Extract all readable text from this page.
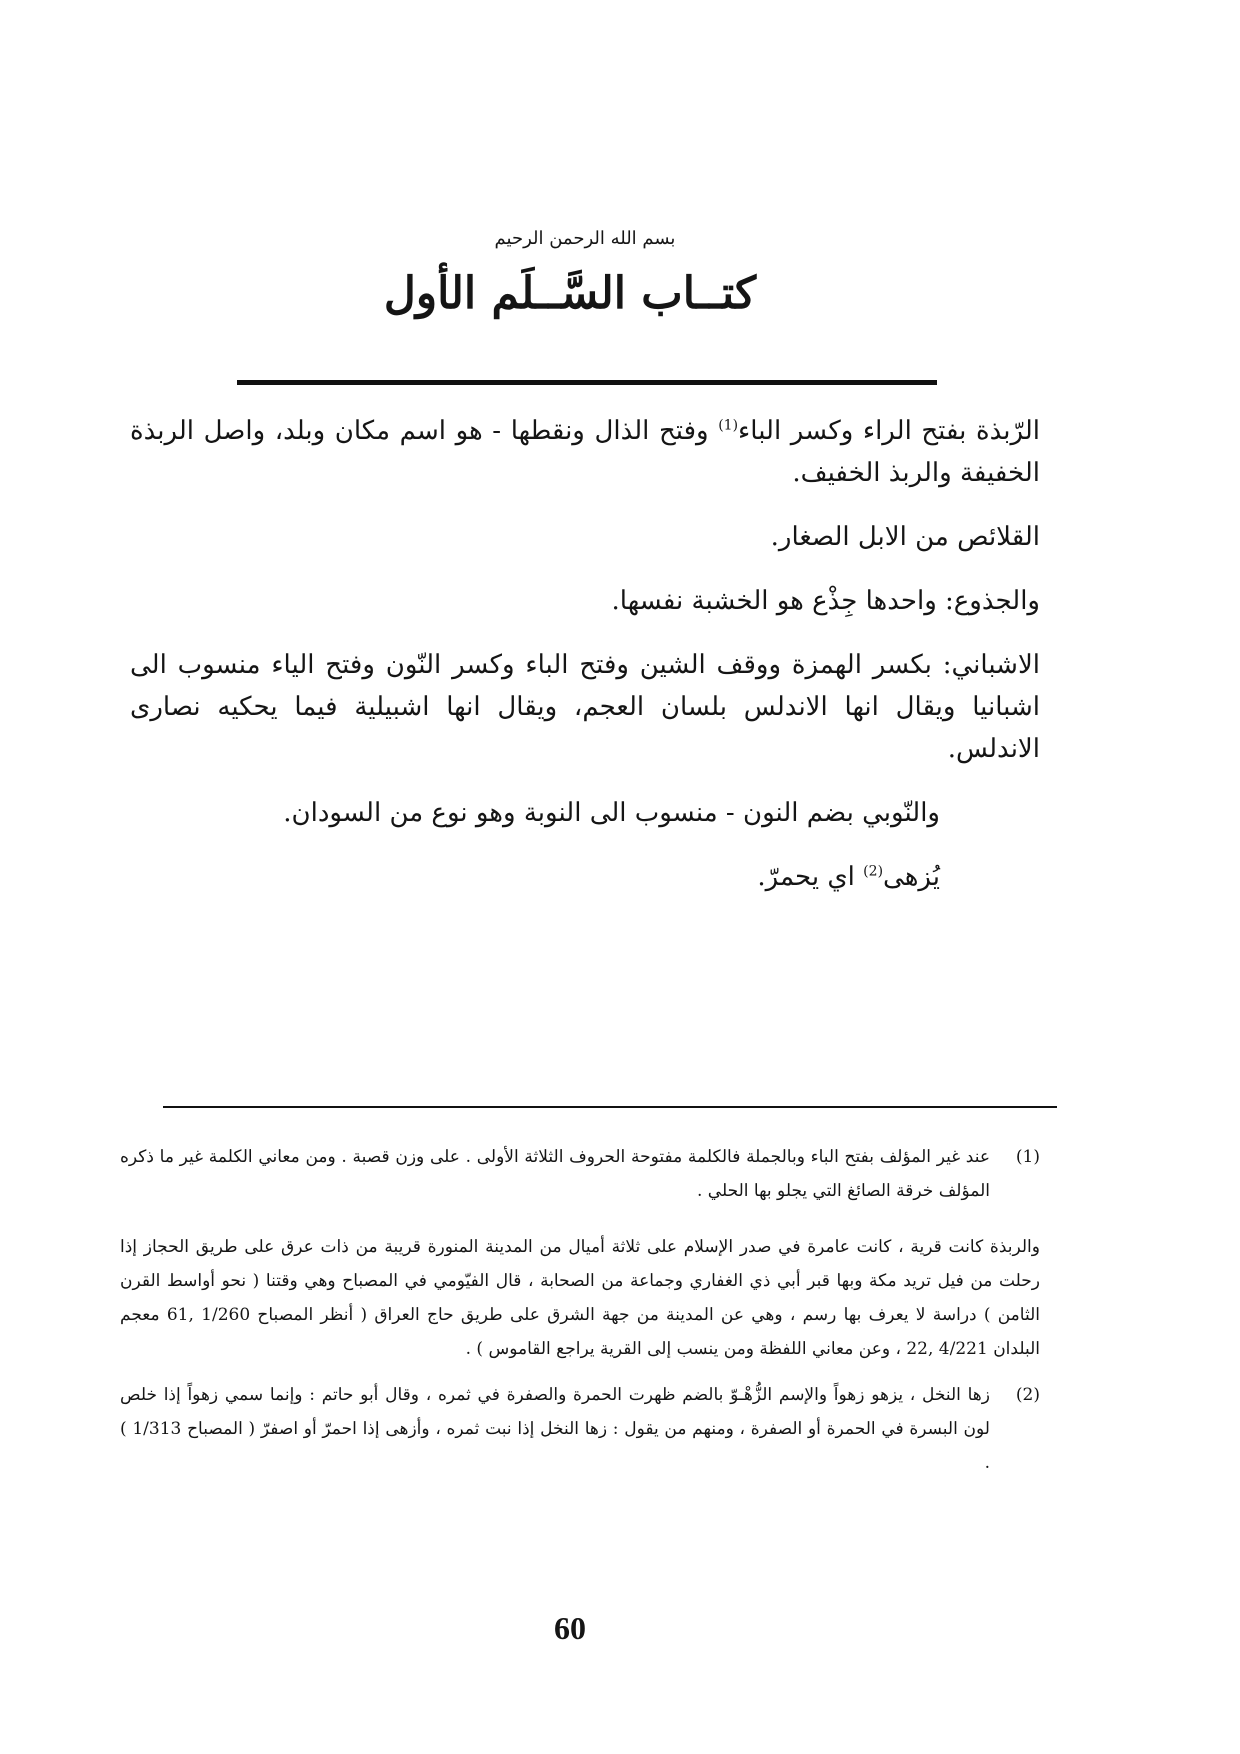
بسم الله الرحمن الرحيم
كتــاب السَّــلَم الأول

الرّبذة بفتح الراء وكسر الباء$^{(1)}$ وفتح الذال ونقطها - هو اسم مكان وبلد، واصل الربذة الخفيفة والربذ الخفيف.

القلائص من الابل الصغار.

والجذوع: واحدها جِذْع هو الخشبة نفسها.

الاشباني: بكسر الهمزة ووقف الشين وفتح الباء وكسر النّون وفتح الياء منسوب الى اشبانيا ويقال انها الاندلس بلسان العجم، ويقال انها اشبيلية فيما يحكيه نصارى الاندلس.

والنّوبي بضم النون - منسوب الى النوبة وهو نوع من السودان.

يُزهى$^{(2)}$ اي يحمرّ.

(1)

عند غير المؤلف بفتح الباء وبالجملة فالكلمة مفتوحة الحروف الثلاثة الأولى . على وزن قصبة . ومن معاني الكلمة غير ما ذكره المؤلف خرقة الصائغ التي يجلو بها الحلي .

والربذة كانت قرية ، كانت عامرة في صدر الإسلام على ثلاثة أميال من المدينة المنورة قريبة من ذات عرق على طريق الحجاز إذا رحلت من فيل تريد مكة وبها قبر أبي ذي الغفاري وجماعة من الصحابة ، قال الفيّومي في المصباح وهي وقتنا ( نحو أواسط القرن الثامن ) دراسة لا يعرف بها رسم ، وهي عن المدينة من جهة الشرق على طريق حاج العراق ( أنظر المصباح 1/260 ,61 معجم البلدان 4/221 ,22 ، وعن معاني اللفظة ومن ينسب إلى القرية يراجع القاموس ) .

(2)

زها النخل ، يزهو زهواً والإسم الزُّهْـوّ بالضم ظهرت الحمرة والصفرة في ثمره ، وقال أبو حاتم : وإنما سمي زهواً إذا خلص لون البسرة في الحمرة أو الصفرة ، ومنهم من يقول : زها النخل إذا نبت ثمره ، وأزهى إذا احمرّ أو اصفرّ ( المصباح 1/313 ) .

60
